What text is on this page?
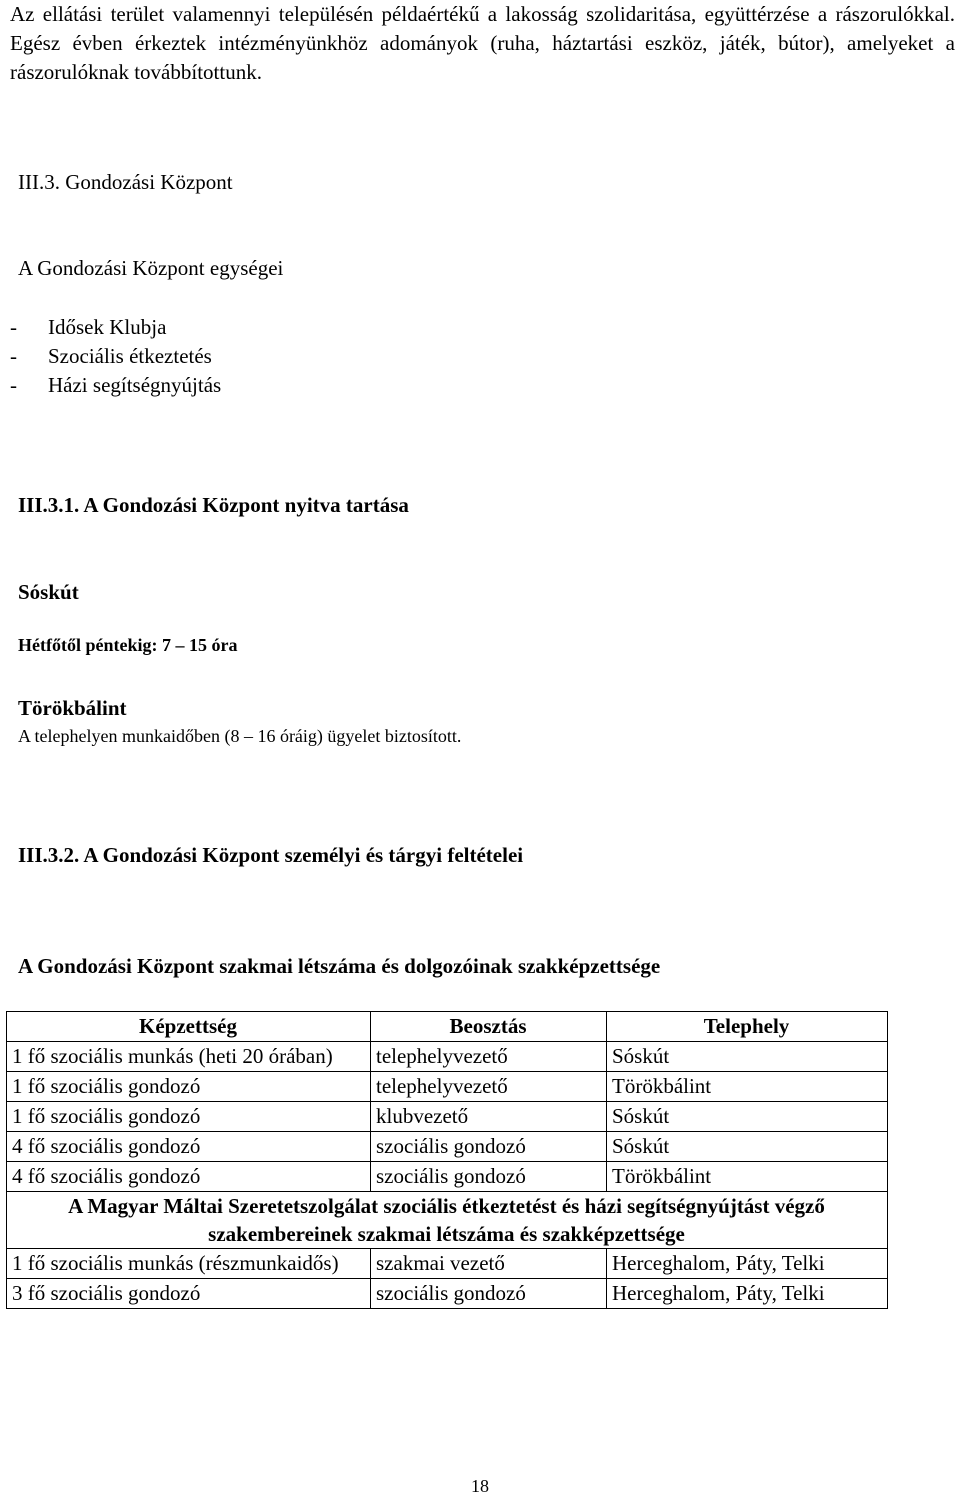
Az ellátási terület valamennyi településén példaértékű a lakosság szolidaritása, együttérzése a rászorulókkal. Egész évben érkeztek intézményünkhöz adományok (ruha, háztartási eszköz, játék, bútor), amelyeket a rászorulóknak továbbítottunk.

III.3. Gondozási Központ
A Gondozási Központ egységei
- Idősek Klubja
- Szociális étkeztetés
- Házi segítségnyújtás
III.3.1. A Gondozási Központ nyitva tartása
Sóskút
Hétfőtől péntekig: 7 – 15 óra
Törökbálint
A telephelyen munkaidőben (8 – 16 óráig) ügyelet biztosított.
III.3.2. A Gondozási Központ személyi és tárgyi feltételei
A Gondozási Központ szakmai létszáma és dolgozóinak szakképzettsége
Képzettség	Beosztás	Telephely
1 fő szociális munkás (heti 20 órában)	telephelyvezető	Sóskút
1 fő szociális gondozó	telephelyvezető	Törökbálint
1 fő szociális gondozó	klubvezető	Sóskút
4 fő szociális gondozó	szociális gondozó	Sóskút
4 fő szociális gondozó	szociális gondozó	Törökbálint
A Magyar Máltai Szeretetszolgálat szociális étkeztetést és házi segítségnyújtást végző szakembereinek szakmai létszáma és szakképzettsége		
1 fő szociális munkás (részmunkaidős)	szakmai vezető	Herceghalom, Páty, Telki
3 fő szociális gondozó	szociális gondozó	Herceghalom, Páty, Telki
18
